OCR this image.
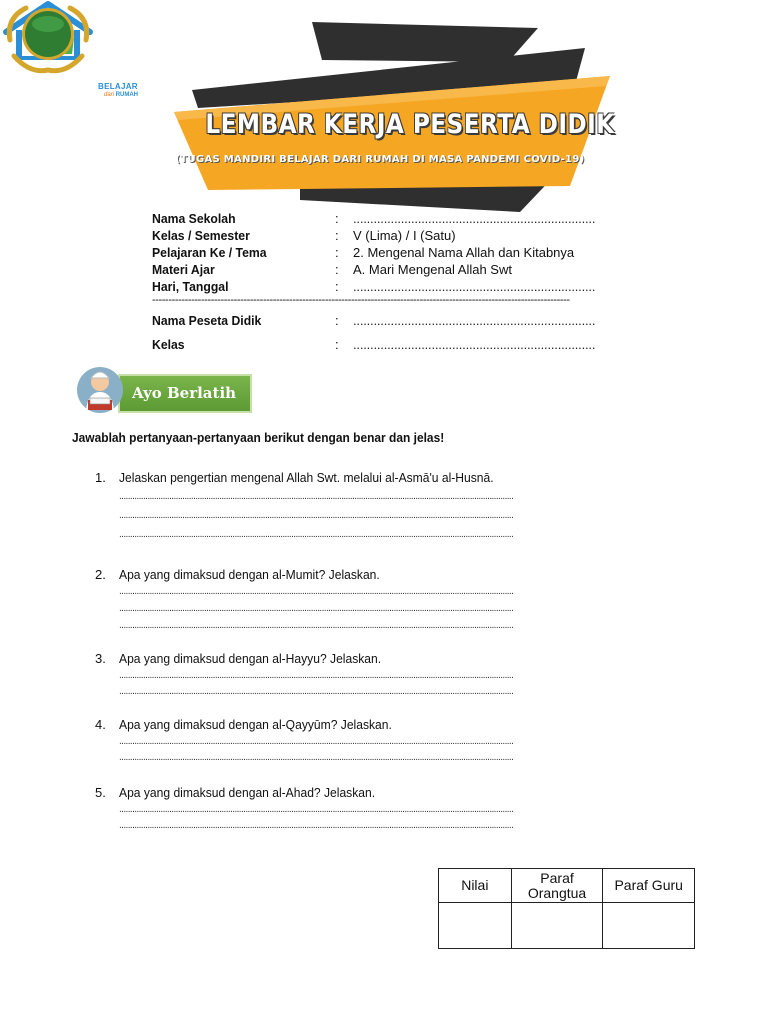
BELAJAR
dari RUMAH
LEMBAR KERJA PESERTA DIDIK
(TUGAS MANDIRI BELAJAR DARI RUMAH DI MASA PANDEMI COVID-19)
LK-1
Nama Sekolah	: .......................................................................
Kelas / Semester	: V (Lima) / I (Satu)
Pelajaran Ke / Tema	: 2. Mengenal Nama Allah dan Kitabnya
Materi Ajar	: A. Mari Mengenal Allah Swt
Hari, Tanggal	: .......................................................................
--------------------------------------------------------------------------------------------------------------------------------
Nama Peseta Didik	: .......................................................................
Kelas	: .......................................................................
Ayo Berlatih
Jawablah pertanyaan-pertanyaan berikut dengan benar dan jelas!
1. Jelaskan pengertian mengenal Allah Swt. melalui al-Asmā'u al-Husnā.
.....................................................................................................................................................................................
.....................................................................................................................................................................................
.....................................................................................................................................................................................
2. Apa yang dimaksud dengan al-Mumit? Jelaskan.
.....................................................................................................................................................................................
.....................................................................................................................................................................................
.....................................................................................................................................................................................
3. Apa yang dimaksud dengan al-Hayyu? Jelaskan.
.....................................................................................................................................................................................
.....................................................................................................................................................................................
4. Apa yang dimaksud dengan al-Qayyūm? Jelaskan.
.....................................................................................................................................................................................
.....................................................................................................................................................................................
5. Apa yang dimaksud dengan al-Ahad? Jelaskan.
.....................................................................................................................................................................................
.....................................................................................................................................................................................
Nilai	Paraf Orangtua	Paraf Guru
